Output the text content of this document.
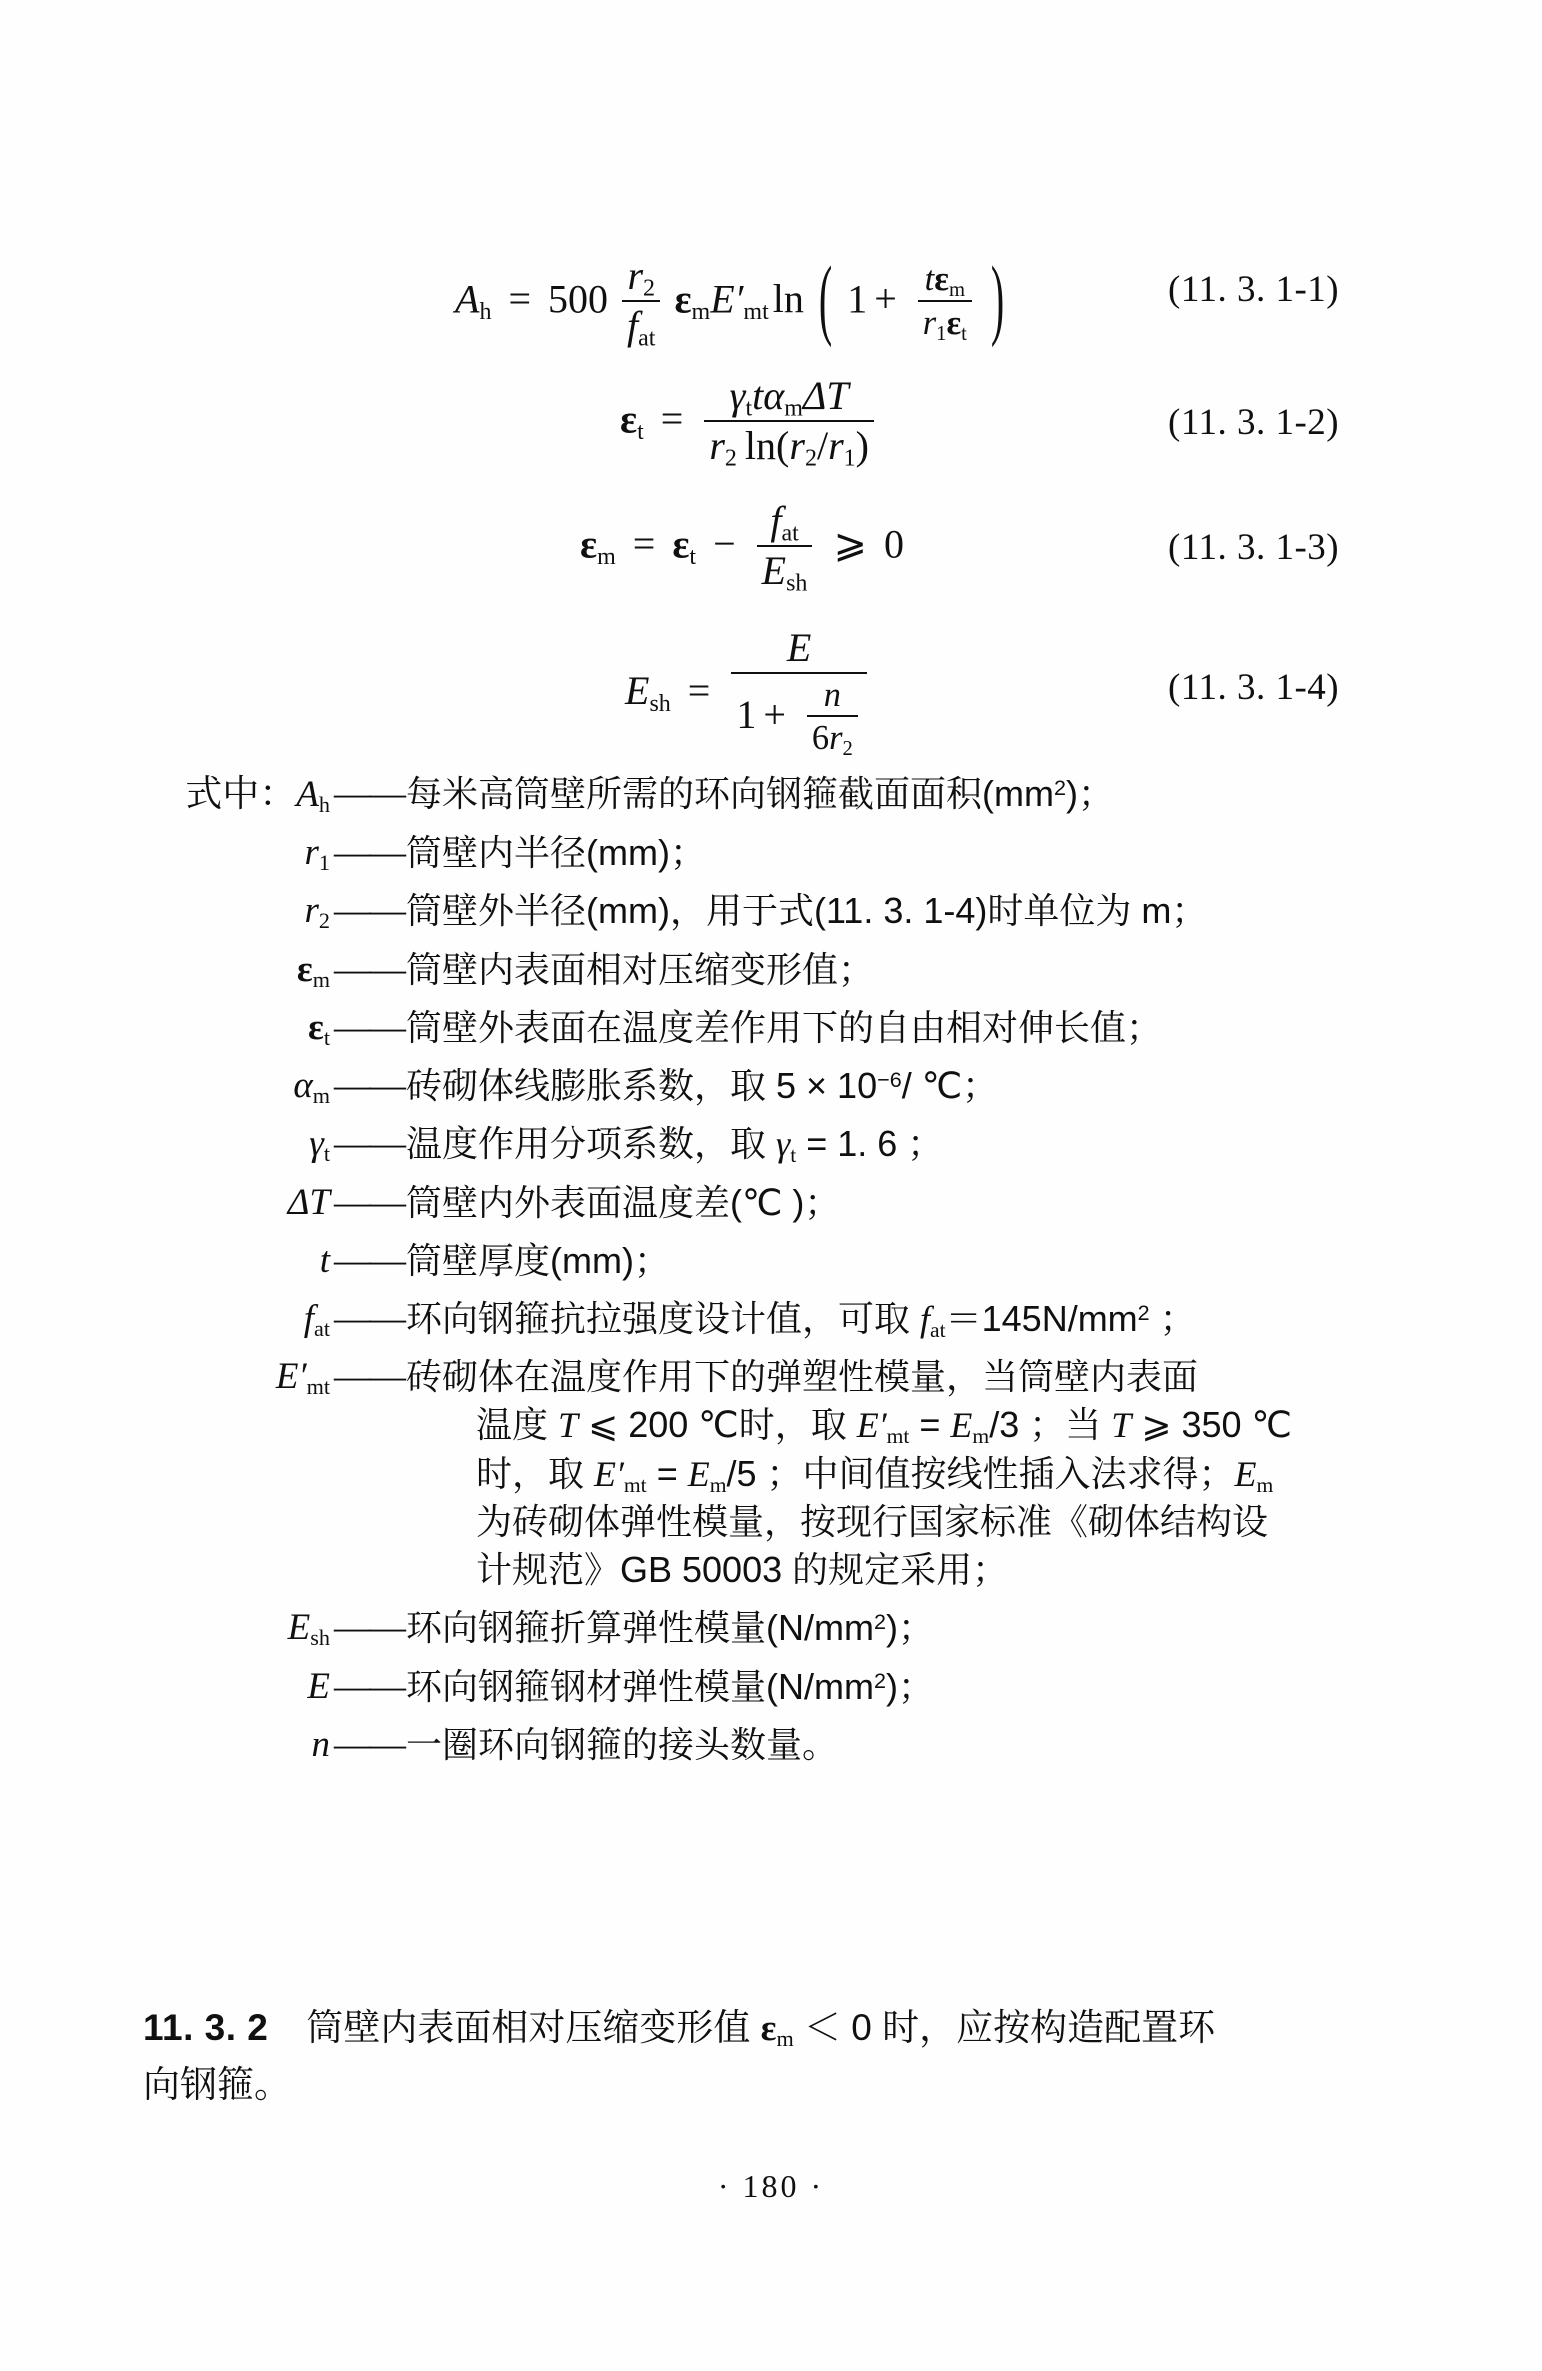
$A_h = 500 \frac{r_2}{f_{at}} \varepsilon_mE'_{mt}$ ln ( $1 + \frac{t\varepsilon_m}{r_1\varepsilon_t}$ )	(11. 3. 1-1)
$\varepsilon_t = \frac{\gamma_tt\alpha_m\Delta T}{r_2 \ln(r_2/r_1)}$	(11. 3. 1-2)
$\varepsilon_m = \varepsilon_t - \frac{f_{at}}{E_{sh}}$ ⩾ 0	(11. 3. 1-3)
$E_{sh} = \frac{E}{1 + \frac{n}{6r_2}}$	(11. 3. 1-4)
式中：$A_h$ —— 每米高筒壁所需的环向钢箍截面面积$(mm^2)$；
$r_1$ —— 筒壁内半径(mm)；
$r_2$ —— 筒壁外半径(mm)，用于式(11. 3. 1-4)时单位为 m；
$\varepsilon_m$ —— 筒壁内表面相对压缩变形值；
$\varepsilon_t$ —— 筒壁外表面在温度差作用下的自由相对伸长值；
$\alpha_m$ —— 砖砌体线膨胀系数，取 $5 \times 10^{-6}/$ ℃；
$\gamma_t$ —— 温度作用分项系数，取 $\gamma_t = 1$. 6 ；
ΔT —— 筒壁内外表面温度差(℃ )；
t —— 筒壁厚度(mm)；
$f_{at}$ —— 环向钢箍抗拉强度设计值，可取 $f_{at}=145N/mm^2$ ；
$E'_{mt}$ —— 砖砌体在温度作用下的弹塑性模量，当筒壁内表面
温度 T ⩽ 200 ℃时，取 $E'_{mt} = E_m/3$ ；当 T ⩾ 350 ℃
时，取 $E'_{mt} = E_m/5$ ；中间值按线性插入法求得；$E_m$
为砖砌体弹性模量，按现行国家标准《砌体结构设
计规范》GB 50003 的规定采用；
$E_{sh}$ —— 环向钢箍折算弹性模量$(N/mm^2)$；
E —— 环向钢箍钢材弹性模量$(N/mm^2)$；
n —— 一圈环向钢箍的接头数量。
11. 3. 2 筒壁内表面相对压缩变形值 $\varepsilon_m < 0$ 时，应按构造配置环
向钢箍。
· 180 ·
